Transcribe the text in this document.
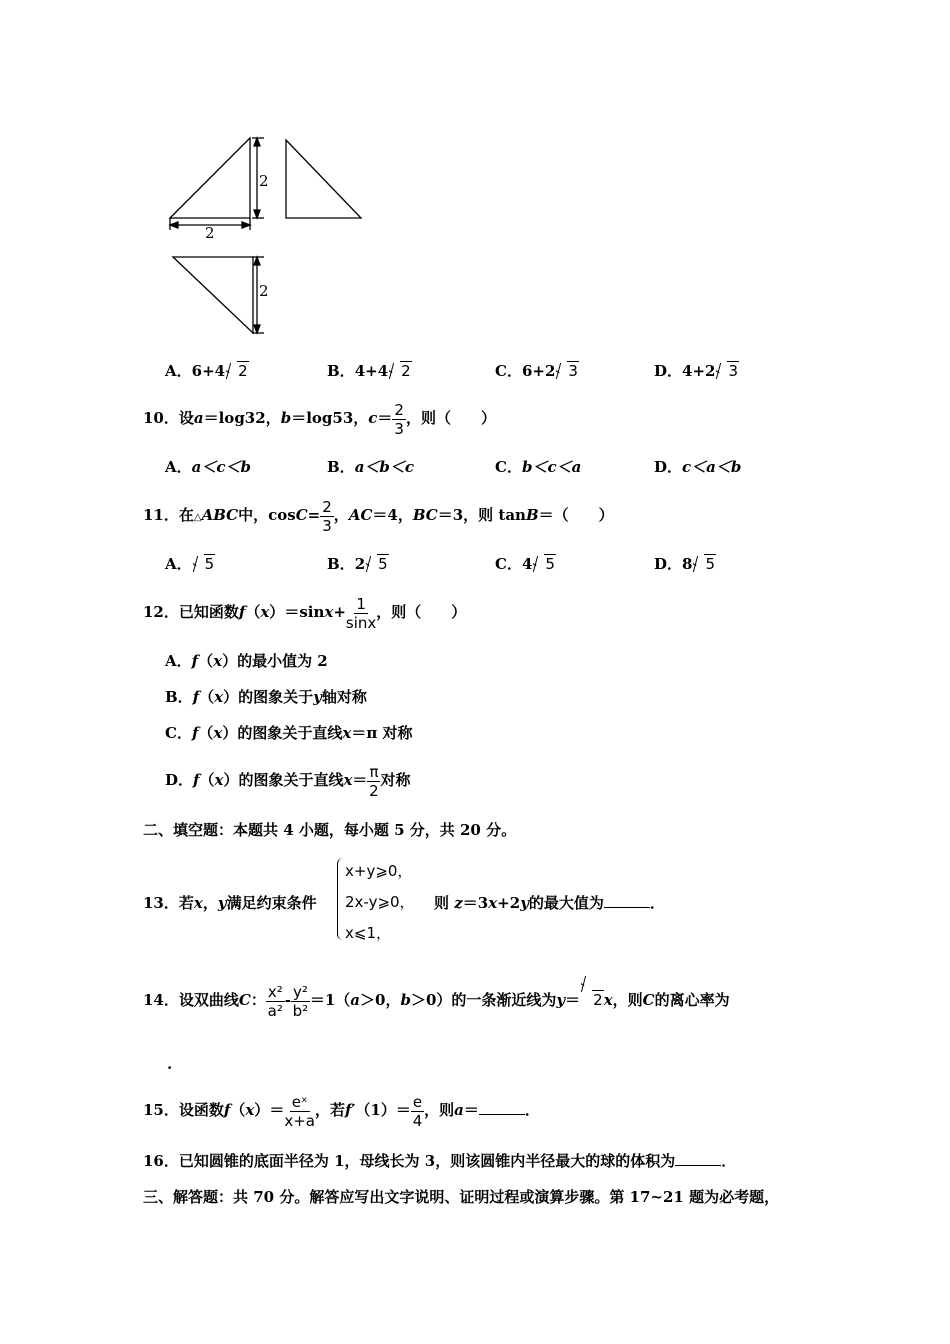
2
2
2
A．6+4 2	B．4+4 2	C．6+2 3	D．4+2 3
10．设a＝log32，b＝log53，$c= \frac{2}{3}$ ，则（　　）
A．a＜c＜b	B．a＜b＜c	C．b＜c＜a	D．c＜a＜b
11．在△ABC中，$\cos C= \frac{2}{3}$ ，AC＝4，BC＝3，则 tanB＝（　　）
A． 5	B．2 5	C．4 5	D．8 5
12．已知函数$f(x)=\sin x+ \frac{1}{\sin x}$ ，则（　　）
A．f（x）的最小值为 2
B．f（x）的图象关于y轴对称
C．f（x）的图象关于直线x＝π 对称
D．f（x）的图象关于直线$x= \frac{\pi}{2}$ 对称
二、填空题：本题共 4 小题，每小题 5 分，共 20 分。
13．若x，y满足约束条件
x+y⩾0，
2x-y⩾0，
x⩽1，
则 z＝3x+2y的最大值为	．
14．设双曲线C： $\frac{\text{x²}}{\text{a²}} - \frac{\text{y²}}{\text{b²}} =1(a>0$，b＞0）的一条渐近线为y＝ 2x，则C的离心率为
.
15．设函数$f(x)= \frac{\text{eˣ}}{x+a}$ ，若$f'(1)= \frac{e}{4}$ ，则a＝	．
16．已知圆锥的底面半径为 1，母线长为 3，则该圆锥内半径最大的球的体积为	．
三、解答题：共 70 分。解答应写出文字说明、证明过程或演算步骤。第 17~21 题为必考题，
